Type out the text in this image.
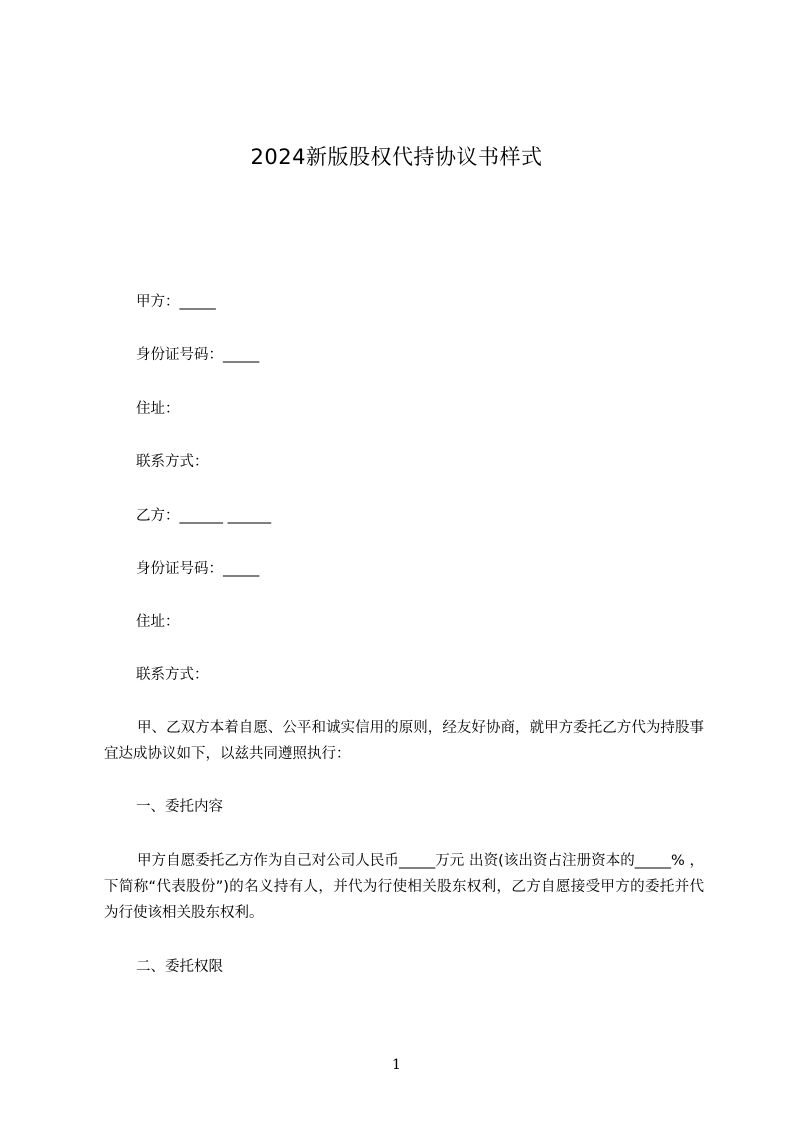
2024新版股权代持协议书样式
甲方：_____
身份证号码：_____
住址：
联系方式：
乙方：______ ______
身份证号码：_____
住址：
联系方式：
甲、乙双方本着自愿、公平和诚实信用的原则，经友好协商，就甲方委托乙方代为持股事宜达成协议如下，以兹共同遵照执行：
一、委托内容
甲方自愿委托乙方作为自己对公司人民币_____万元 出资(该出资占注册资本的_____% ，下简称“代表股份”)的名义持有人，并代为行使相关股东权利，乙方自愿接受甲方的委托并代为行使该相关股东权利。
二、委托权限
1
